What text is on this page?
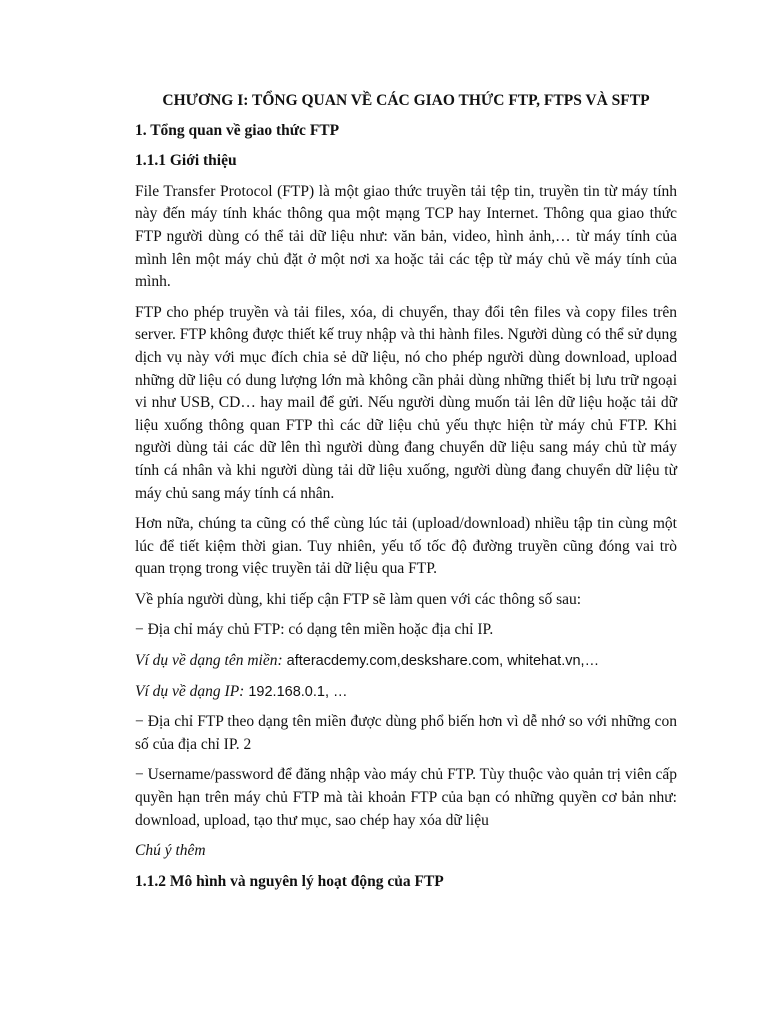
CHƯƠNG I: TỔNG QUAN VỀ CÁC GIAO THỨC FTP, FTPS VÀ SFTP
1. Tổng quan về giao thức FTP
1.1.1 Giới thiệu
File Transfer Protocol (FTP) là một giao thức truyền tải tệp tin, truyền tin từ máy tính này đến máy tính khác thông qua một mạng TCP hay Internet. Thông qua giao thức FTP người dùng có thể tải dữ liệu như: văn bản, video, hình ảnh,… từ máy tính của mình lên một máy chủ đặt ở một nơi xa hoặc tải các tệp từ máy chủ về máy tính của mình.
FTP cho phép truyền và tải files, xóa, di chuyển, thay đổi tên files và copy files trên server. FTP không được thiết kế truy nhập và thi hành files. Người dùng có thể sử dụng dịch vụ này với mục đích chia sẻ dữ liệu, nó cho phép người dùng download, upload những dữ liệu có dung lượng lớn mà không cần phải dùng những thiết bị lưu trữ ngoại vi như USB, CD… hay mail để gửi. Nếu người dùng muốn tải lên dữ liệu hoặc tải dữ liệu xuống thông quan FTP thì các dữ liệu chủ yếu thực hiện từ máy chủ FTP. Khi người dùng tải các dữ lên thì người dùng đang chuyển dữ liệu sang máy chủ từ máy tính cá nhân và khi người dùng tải dữ liệu xuống, người dùng đang chuyển dữ liệu từ máy chủ sang máy tính cá nhân.
Hơn nữa, chúng ta cũng có thể cùng lúc tải (upload/download) nhiều tập tin cùng một lúc để tiết kiệm thời gian. Tuy nhiên, yếu tố tốc độ đường truyền cũng đóng vai trò quan trọng trong việc truyền tải dữ liệu qua FTP.
Về phía người dùng, khi tiếp cận FTP sẽ làm quen với các thông số sau:
− Địa chỉ máy chủ FTP: có dạng tên miền hoặc địa chỉ IP.
Ví dụ về dạng tên miền: afteracdemy.com,deskshare.com, whitehat.vn,…
Ví dụ về dạng IP: 192.168.0.1, …
− Địa chỉ FTP theo dạng tên miền được dùng phổ biến hơn vì dễ nhớ so với những con số của địa chỉ IP. 2
− Username/password để đăng nhập vào máy chủ FTP. Tùy thuộc vào quản trị viên cấp quyền hạn trên máy chủ FTP mà tài khoản FTP của bạn có những quyền cơ bản như: download, upload, tạo thư mục, sao chép hay xóa dữ liệu
Chú ý thêm
1.1.2 Mô hình và nguyên lý hoạt động của FTP
